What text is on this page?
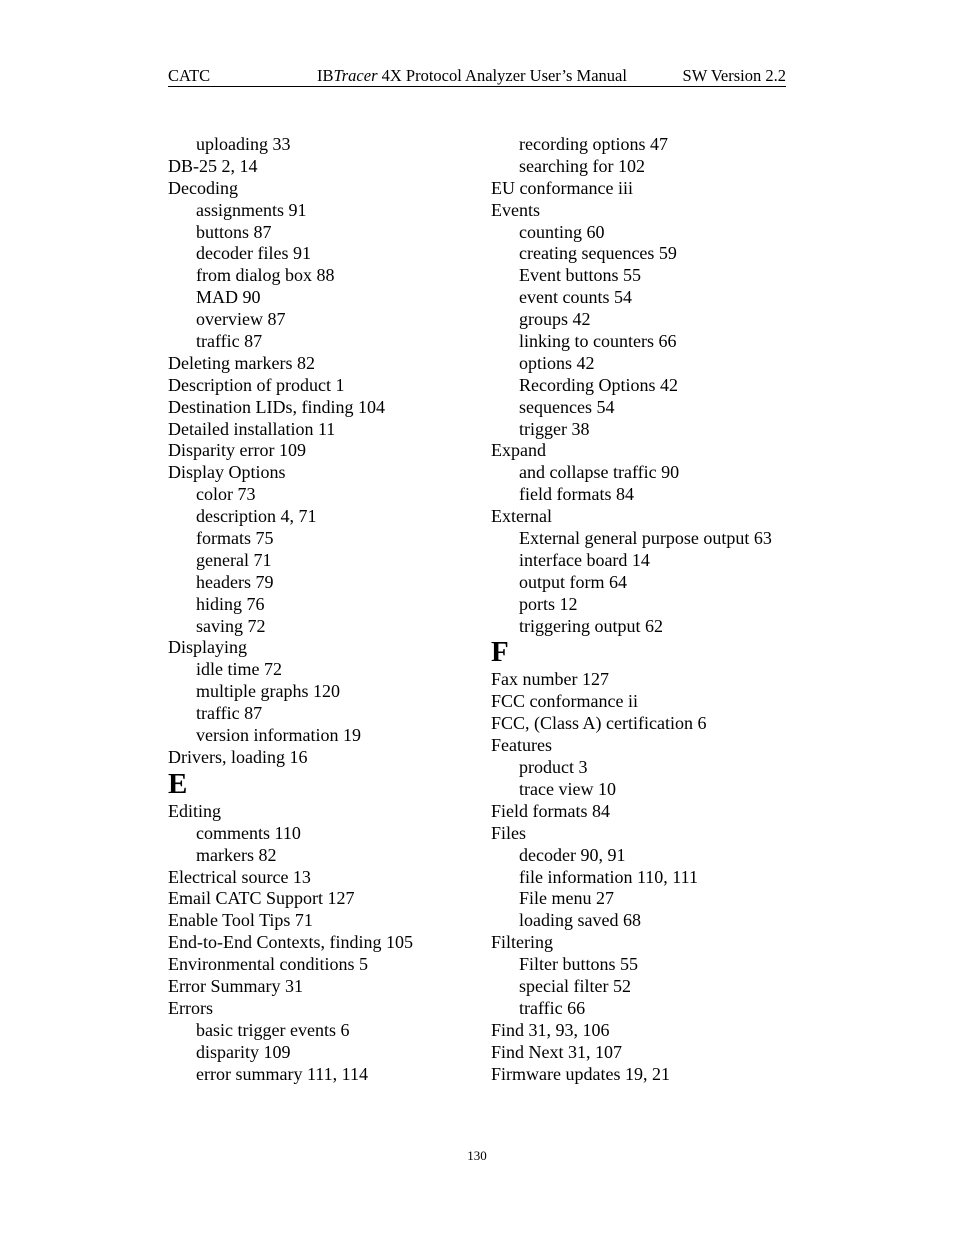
CATC	IBTracer 4X Protocol Analyzer User’s Manual	SW Version 2.2
uploading 33
DB-25 2, 14
Decoding
assignments 91
buttons 87
decoder files 91
from dialog box 88
MAD 90
overview 87
traffic 87
Deleting markers 82
Description of product 1
Destination LIDs, finding 104
Detailed installation 11
Disparity error 109
Display Options
color 73
description 4, 71
formats 75
general 71
headers 79
hiding 76
saving 72
Displaying
idle time 72
multiple graphs 120
traffic 87
version information 19
Drivers, loading 16
E
Editing
comments 110
markers 82
Electrical source 13
Email CATC Support 127
Enable Tool Tips 71
End-to-End Contexts, finding 105
Environmental conditions 5
Error Summary 31
Errors
basic trigger events 6
disparity 109
error summary 111, 114
recording options 47
searching for 102
EU conformance iii
Events
counting 60
creating sequences 59
Event buttons 55
event counts 54
groups 42
linking to counters 66
options 42
Recording Options 42
sequences 54
trigger 38
Expand
and collapse traffic 90
field formats 84
External
External general purpose output 63
interface board 14
output form 64
ports 12
triggering output 62
F
Fax number 127
FCC conformance ii
FCC, (Class A) certification 6
Features
product 3
trace view 10
Field formats 84
Files
decoder 90, 91
file information 110, 111
File menu 27
loading saved 68
Filtering
Filter buttons 55
special filter 52
traffic 66
Find 31, 93, 106
Find Next 31, 107
Firmware updates 19, 21
130
